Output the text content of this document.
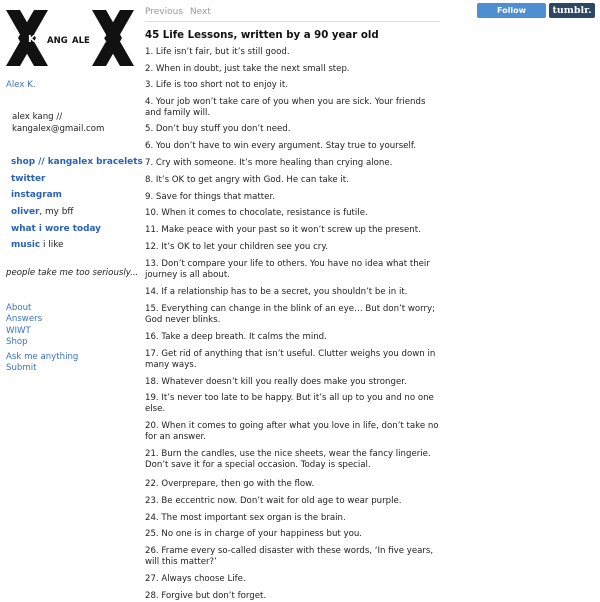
K ANG ALE X
Previous Next	Follow kangalex
tumblr.
Alex K.
alex kang //
kangalex@gmail.com
shop // kangalex bracelets
twitter
instagram
oliver, my bff
what i wore today
music i like
people take me too seriously...
About
Answers
WIWT
Shop
Ask me anything
Submit
45 Life Lessons, written by a 90 year old
1. Life isn’t fair, but it’s still good.
2. When in doubt, just take the next small step.
3. Life is too short not to enjoy it.
4. Your job won’t take care of you when you are sick. Your friends and family will.
5. Don’t buy stuff you don’t need.
6. You don’t have to win every argument. Stay true to yourself.
7. Cry with someone. It’s more healing than crying alone.
8. It’s OK to get angry with God. He can take it.
9. Save for things that matter.
10. When it comes to chocolate, resistance is futile.
11. Make peace with your past so it won’t screw up the present.
12. It’s OK to let your children see you cry.
13. Don’t compare your life to others. You have no idea what their journey is all about.
14. If a relationship has to be a secret, you shouldn’t be in it.
15. Everything can change in the blink of an eye… But don’t worry; God never blinks.
16. Take a deep breath. It calms the mind.
17. Get rid of anything that isn’t useful. Clutter weighs you down in many ways.
18. Whatever doesn’t kill you really does make you stronger.
19. It’s never too late to be happy. But it’s all up to you and no one else.
20. When it comes to going after what you love in life, don’t take no for an answer.
21. Burn the candles, use the nice sheets, wear the fancy lingerie. Don’t save it for a special occasion. Today is special.
22. Overprepare, then go with the flow.
23. Be eccentric now. Don’t wait for old age to wear purple.
24. The most important sex organ is the brain.
25. No one is in charge of your happiness but you.
26. Frame every so-called disaster with these words, ‘In five years, will this matter?’
27. Always choose Life.
28. Forgive but don’t forget.
